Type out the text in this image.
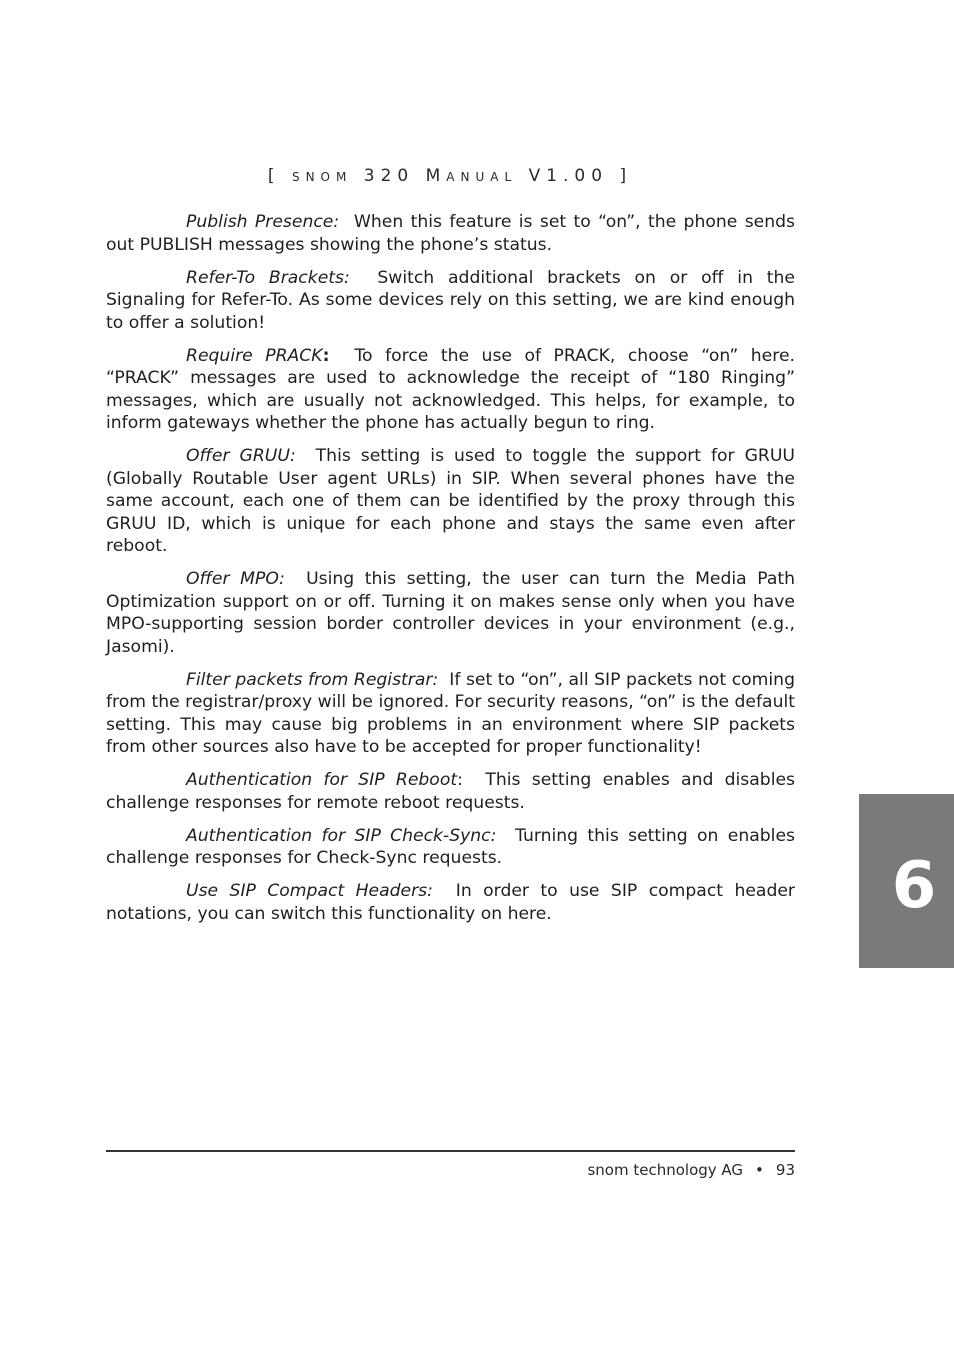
[ snom 320 Manual V1.00 ]

Publish Presence: When this feature is set to “on”, the phone sends out PUBLISH messages showing the phone’s status.

Refer-To Brackets: Switch additional brackets on or off in the Signaling for Refer-To. As some devices rely on this setting, we are kind enough to offer a solution!

Require PRACK: To force the use of PRACK, choose “on” here. “PRACK” messages are used to acknowledge the receipt of “180 Ringing” messages, which are usually not acknowledged. This helps, for example, to inform gateways whether the phone has actually begun to ring.

Offer GRUU: This setting is used to toggle the support for GRUU (Globally Routable User agent URLs) in SIP. When several phones have the same account, each one of them can be identified by the proxy through this GRUU ID, which is unique for each phone and stays the same even after reboot.

Offer MPO: Using this setting, the user can turn the Media Path Optimization support on or off. Turning it on makes sense only when you have MPO-supporting session border controller devices in your environment (e.g., Jasomi).

Filter packets from Registrar: If set to “on”, all SIP packets not coming from the registrar/proxy will be ignored. For security reasons, “on” is the default setting. This may cause big problems in an environment where SIP packets from other sources also have to be accepted for proper functionality!

Authentication for SIP Reboot: This setting enables and disables challenge responses for remote reboot requests.

Authentication for SIP Check-Sync: Turning this setting on enables challenge responses for Check-Sync requests.

Use SIP Compact Headers: In order to use SIP compact header notations, you can switch this functionality on here.	6
snom technology AG • 93
